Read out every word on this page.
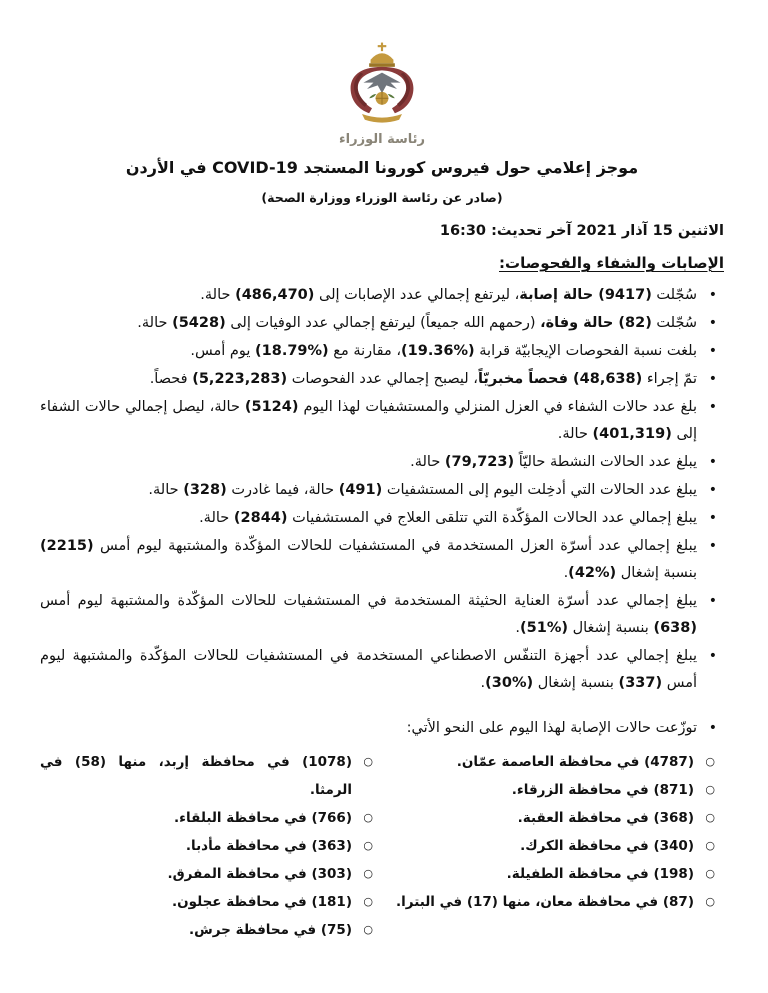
رئاسة الوزراء
موجز إعلامي حول فيروس كورونا المستجد ⁦COVID-19⁩ في الأردن
(صادر عن رئاسة الوزراء ووزارة الصحة)
الاثنين 15 آذار 2021 آخر تحديث: 16:30
الإصابات والشفاء والفحوصات:
•
سُجّلت (9417) حالة إصابة، ليرتفع إجمالي عدد الإصابات إلى (486,470) حالة.
•
سُجّلت (82) حالة وفاة، (رحمهم الله جميعاً) ليرتفع إجمالي عدد الوفيات إلى (5428) حالة.
•
بلغت نسبة الفحوصات الإيجابيّة قرابة (%19.36)، مقارنة مع (%18.79) يوم أمس.
•
تمّ إجراء (48,638) فحصاً مخبريّاً، ليصبح إجمالي عدد الفحوصات (5,223,283) فحصاً.
•
بلغ عدد حالات الشفاء في العزل المنزلي والمستشفيات لهذا اليوم (5124) حالة، ليصل إجمالي حالات الشفاء إلى (401,319) حالة.
•
يبلغ عدد الحالات النشطة حاليّاً (79,723) حالة.
•
يبلغ عدد الحالات التي أدخِلت اليوم إلى المستشفيات (491) حالة، فيما غادرت (328) حالة.
•
يبلغ إجمالي عدد الحالات المؤكّدة التي تتلقى العلاج في المستشفيات (2844) حالة.
•
يبلغ إجمالي عدد أسرّة العزل المستخدمة في المستشفيات للحالات المؤكّدة والمشتبهة ليوم أمس (2215) بنسبة إشغال (%42).
•
يبلغ إجمالي عدد أسرّة العناية الحثيثة المستخدمة في المستشفيات للحالات المؤكّدة والمشتبهة ليوم أمس (638) بنسبة إشغال (%51).
•
يبلغ إجمالي عدد أجهزة التنفّس الاصطناعي المستخدمة في المستشفيات للحالات المؤكّدة والمشتبهة ليوم أمس (337) بنسبة إشغال (%30).
•
توزّعت حالات الإصابة لهذا اليوم على النحو الأتي:
○
(4787) في محافظة العاصمة عمّان.
○
(871) في محافظة الزرقاء.
○
(368) في محافظة العقبة.
○
(340) في محافظة الكرك.
○
(198) في محافظة الطفيلة.
○
(87) في محافظة معان، منها (17) في البترا.
○
(1078) في محافظة إربد، منها (58) في الرمثا.
○
(766) في محافظة البلقاء.
○
(363) في محافظة مأدبا.
○
(303) في محافظة المفرق.
○
(181) في محافظة عجلون.
○
(75) في محافظة جرش.
